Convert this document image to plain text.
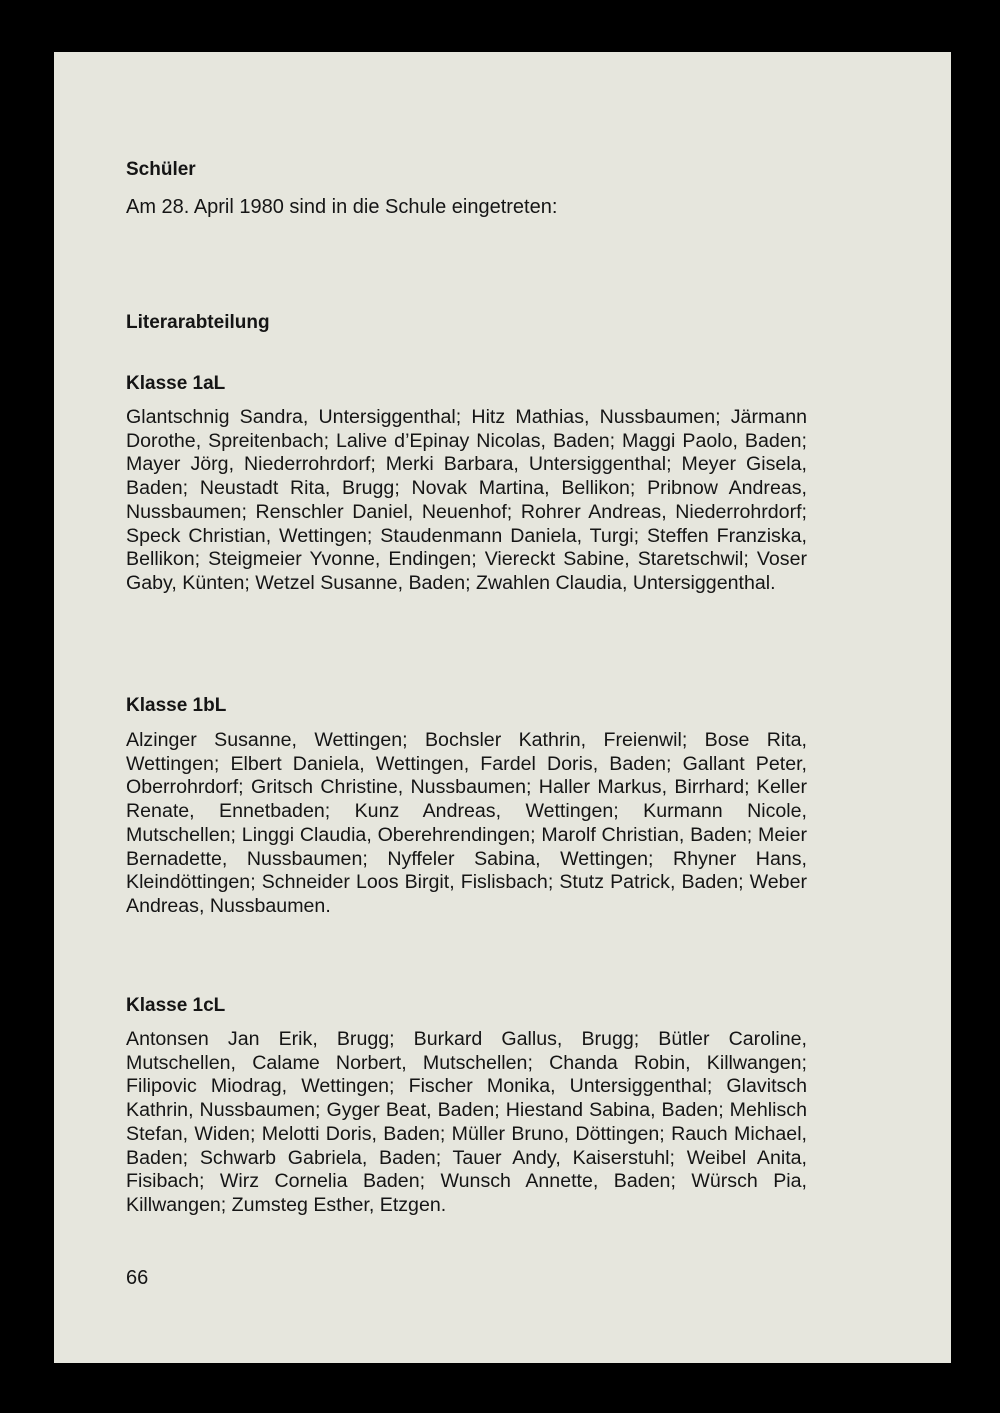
Schüler
Am 28. April 1980 sind in die Schule eingetreten:
Literarabteilung
Klasse 1aL
Glantschnig Sandra, Untersiggenthal; Hitz Mathias, Nussbaumen; Järmann Dorothe, Spreitenbach; Lalive d’Epinay Nicolas, Baden; Maggi Paolo, Baden; Mayer Jörg, Niederrohrdorf; Merki Barbara, Untersiggenthal; Meyer Gisela, Baden; Neustadt Rita, Brugg; Novak Martina, Bellikon; Pribnow Andreas, Nussbaumen; Renschler Daniel, Neuenhof; Rohrer Andreas, Niederrohrdorf; Speck Christian, Wettingen; Staudenmann Daniela, Turgi; Steffen Franziska, Bellikon; Steigmeier Yvonne, Endingen; Viereckt Sabine, Staretschwil; Voser Gaby, Künten; Wetzel Susanne, Baden; Zwahlen Claudia, Untersiggenthal.
Klasse 1bL
Alzinger Susanne, Wettingen; Bochsler Kathrin, Freienwil; Bose Rita, Wettingen; Elbert Daniela, Wettingen, Fardel Doris, Baden; Gallant Peter, Oberrohrdorf; Gritsch Christine, Nussbaumen; Haller Markus, Birrhard; Keller Renate, Ennetbaden; Kunz Andreas, Wettingen; Kurmann Nicole, Mutschellen; Linggi Claudia, Oberehrendingen; Marolf Christian, Baden; Meier Bernadette, Nussbaumen; Nyffeler Sabina, Wettingen; Rhyner Hans, Kleindöttingen; Schneider Loos Birgit, Fislisbach; Stutz Patrick, Baden; Weber Andreas, Nussbaumen.
Klasse 1cL
Antonsen Jan Erik, Brugg; Burkard Gallus, Brugg; Bütler Caroline, Mutschellen, Calame Norbert, Mutschellen; Chanda Robin, Killwangen; Filipovic Miodrag, Wettingen; Fischer Monika, Untersiggenthal; Glavitsch Kathrin, Nussbaumen; Gyger Beat, Baden; Hiestand Sabina, Baden; Mehlisch Stefan, Widen; Melotti Doris, Baden; Müller Bruno, Döttingen; Rauch Michael, Baden; Schwarb Gabriela, Baden; Tauer Andy, Kaiserstuhl; Weibel Anita, Fisibach; Wirz Cornelia Baden; Wunsch Annette, Baden; Würsch Pia, Killwangen; Zumsteg Esther, Etzgen.
66
